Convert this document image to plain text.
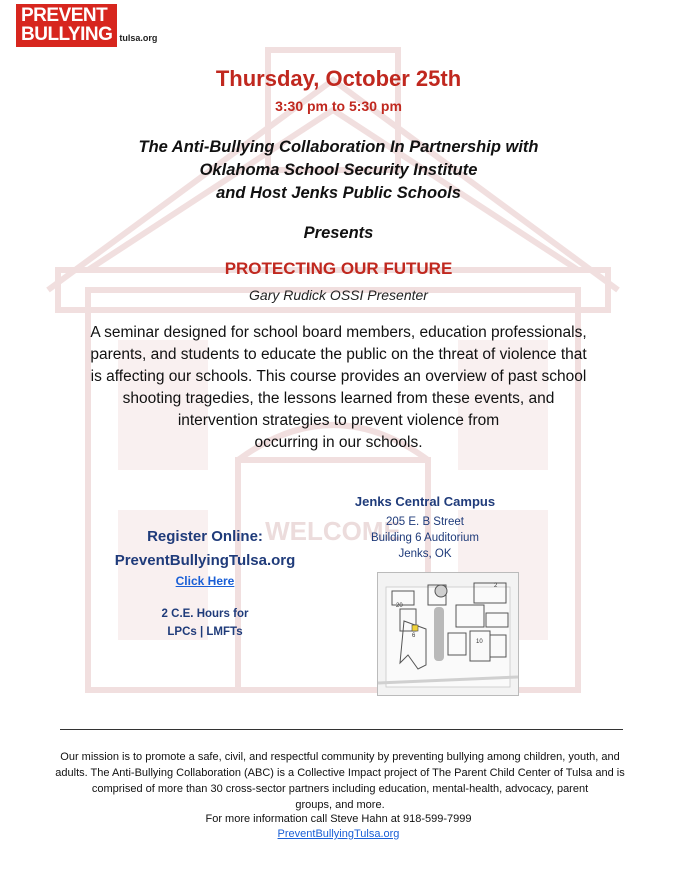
WELCOME
PREVENT
BULLYING tulsa.org
Thursday, October 25th
3:30 pm to 5:30 pm
The Anti-Bullying Collaboration In Partnership with
Oklahoma School Security Institute
and Host Jenks Public Schools
Presents
PROTECTING OUR FUTURE
Gary Rudick OSSI Presenter
A seminar designed for school board members, education professionals,
parents, and students to educate the public on the threat of violence that
is affecting our schools. This course provides an overview of past school
shooting tragedies, the lessons learned from these events, and
intervention strategies to prevent violence from
occurring in our schools.
Register Online:
PreventBullyingTulsa.org
Click Here
2 C.E. Hours for
LPCs | LMFTs
Jenks Central Campus
205 E. B Street
Building 6 Auditorium
Jenks, OK
2
20
6
10
Our mission is to promote a safe, civil, and respectful community by preventing bullying among children, youth, and
adults. The Anti-Bullying Collaboration (ABC) is a Collective Impact project of The Parent Child Center of Tulsa and is
comprised of more than 30 cross-sector partners including education, mental-health, advocacy, parent
groups, and more.
For more information call Steve Hahn at 918-599-7999
PreventBullyingTulsa.org
